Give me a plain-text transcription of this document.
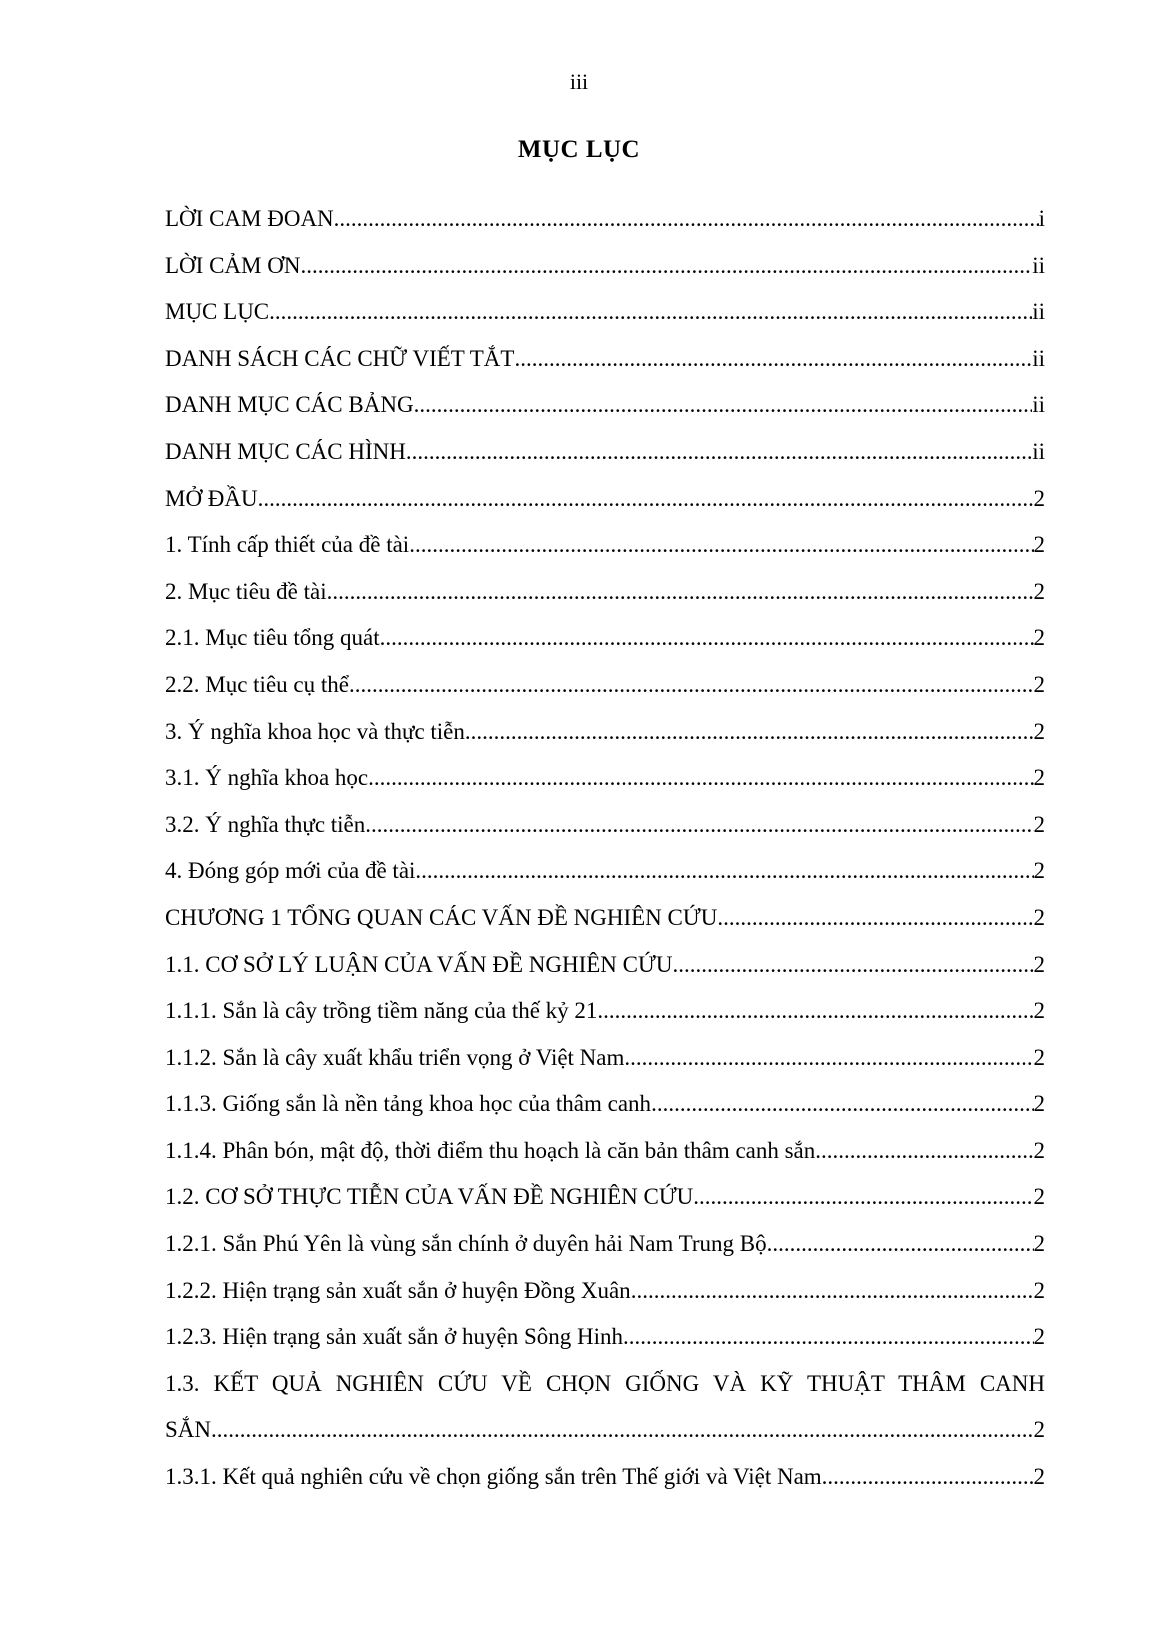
iii
MỤC LỤC
LỜI CAM ĐOAN .....	i
LỜI CẢM ƠN .....	ii
MỤC LỤC .....	ii
DANH SÁCH CÁC CHỮ VIẾT TẮT .....	ii
DANH MỤC CÁC BẢNG .....	ii
DANH MỤC CÁC HÌNH .....	ii
MỞ ĐẦU .....	2
1. Tính cấp thiết của đề tài .....	2
2. Mục tiêu đề tài .....	2
2.1. Mục tiêu tổng quát .....	2
2.2. Mục tiêu cụ thể .....	2
3. Ý nghĩa khoa học và thực tiễn .....	2
3.1. Ý nghĩa khoa học .....	2
3.2. Ý nghĩa thực tiễn .....	2
4. Đóng góp mới của đề tài .....	2
CHƯƠNG 1 TỔNG QUAN CÁC VẤN ĐỀ NGHIÊN CỨU .....	2
1.1. CƠ SỞ LÝ LUẬN CỦA VẤN ĐỀ NGHIÊN CỨU .....	2
1.1.1. Sắn là cây trồng tiềm năng của thế kỷ 21 .....	2
1.1.2. Sắn là cây xuất khẩu triển vọng ở Việt Nam .....	2
1.1.3. Giống sắn là nền tảng khoa học của thâm canh .....	2
1.1.4. Phân bón, mật độ, thời điểm thu hoạch là căn bản thâm canh sắn .....	2
1.2. CƠ SỞ THỰC TIỄN CỦA VẤN ĐỀ NGHIÊN CỨU .....	2
1.2.1. Sắn Phú Yên là vùng sắn chính ở duyên hải Nam Trung Bộ .....	2
1.2.2. Hiện trạng sản xuất sắn ở huyện Đồng Xuân .....	2
1.2.3. Hiện trạng sản xuất sắn ở huyện Sông Hinh .....	2
1.3. KẾT QUẢ NGHIÊN CỨU VỀ CHỌN GIỐNG VÀ KỸ THUẬT THÂM CANH
SẮN .....	2
1.3.1. Kết quả nghiên cứu về chọn giống sắn trên Thế giới và Việt Nam .....	2
